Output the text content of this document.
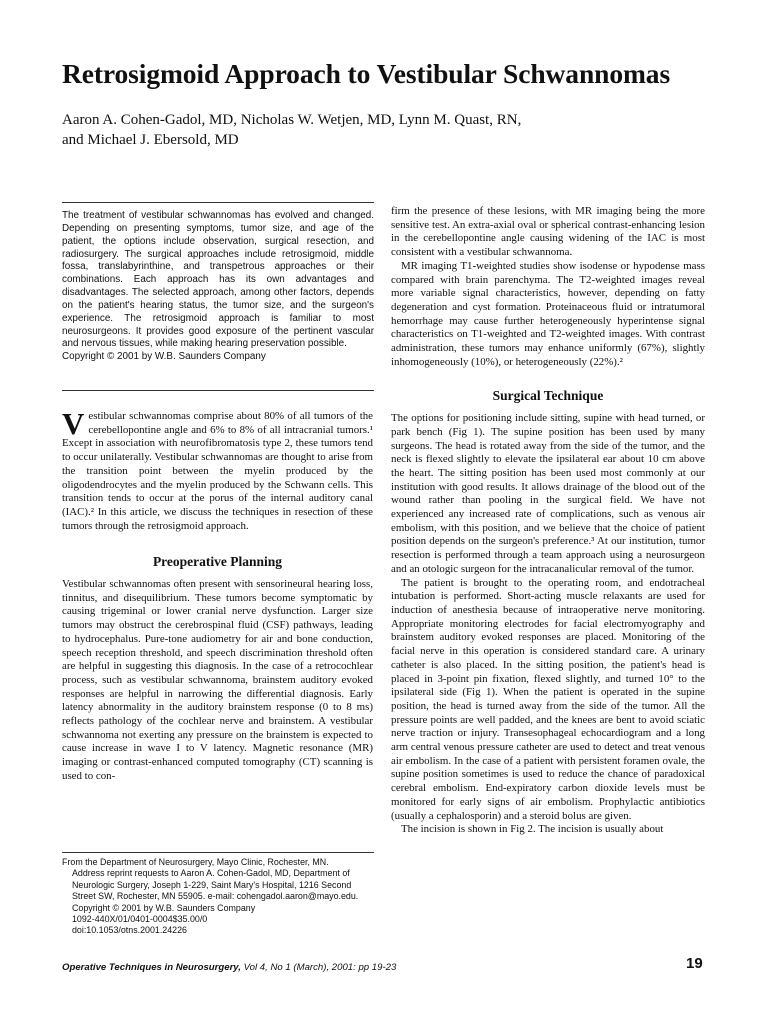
Retrosigmoid Approach to Vestibular Schwannomas
Aaron A. Cohen-Gadol, MD, Nicholas W. Wetjen, MD, Lynn M. Quast, RN,
and Michael J. Ebersold, MD

The treatment of vestibular schwannomas has evolved and changed. Depending on presenting symptoms, tumor size, and age of the patient, the options include observation, surgical resection, and radiosurgery. The surgical approaches include retrosigmoid, middle fossa, translabyrinthine, and transpetrous approaches or their combinations. Each approach has its own advantages and disadvantages. The selected approach, among other factors, depends on the patient's hearing status, the tumor size, and the surgeon's experience. The retrosigmoid approach is familiar to most neurosurgeons. It provides good exposure of the pertinent vascular and nervous tissues, while making hearing preservation possible.

Copyright © 2001 by W.B. Saunders Company

Vestibular schwannomas comprise about 80% of all tumors of the cerebellopontine angle and 6% to 8% of all intracranial tumors.¹ Except in association with neurofibromatosis type 2, these tumors tend to occur unilaterally. Vestibular schwannomas are thought to arise from the transition point between the myelin produced by the oligodendrocytes and the myelin produced by the Schwann cells. This transition tends to occur at the porus of the internal auditory canal (IAC).² In this article, we discuss the techniques in resection of these tumors through the retrosigmoid approach.

Preoperative Planning

Vestibular schwannomas often present with sensorineural hearing loss, tinnitus, and disequilibrium. These tumors become symptomatic by causing trigeminal or lower cranial nerve dysfunction. Larger size tumors may obstruct the cerebrospinal fluid (CSF) pathways, leading to hydrocephalus. Pure-tone audiometry for air and bone conduction, speech reception threshold, and speech discrimination threshold often are helpful in suggesting this diagnosis. In the case of a retrocochlear process, such as vestibular schwannoma, brainstem auditory evoked responses are helpful in narrowing the differential diagnosis. Early latency abnormality in the auditory brainstem response (0 to 8 ms) reflects pathology of the cochlear nerve and brainstem. A vestibular schwannoma not exerting any pressure on the brainstem is expected to cause increase in wave I to V latency. Magnetic resonance (MR) imaging or contrast-enhanced computed tomography (CT) scanning is used to con-

firm the presence of these lesions, with MR imaging being the more sensitive test. An extra-axial oval or spherical contrast-enhancing lesion in the cerebellopontine angle causing widening of the IAC is most consistent with a vestibular schwannoma.

MR imaging T1-weighted studies show isodense or hypodense mass compared with brain parenchyma. The T2-weighted images reveal more variable signal characteristics, however, depending on fatty degeneration and cyst formation. Proteinaceous fluid or intratumoral hemorrhage may cause further heterogeneously hyperintense signal characteristics on T1-weighted and T2-weighted images. With contrast administration, these tumors may enhance uniformly (67%), slightly inhomogeneously (10%), or heterogeneously (22%).²

Surgical Technique

The options for positioning include sitting, supine with head turned, or park bench (Fig 1). The supine position has been used by many surgeons. The head is rotated away from the side of the tumor, and the neck is flexed slightly to elevate the ipsilateral ear about 10 cm above the heart. The sitting position has been used most commonly at our institution with good results. It allows drainage of the blood out of the wound rather than pooling in the surgical field. We have not experienced any increased rate of complications, such as venous air embolism, with this position, and we believe that the choice of patient position depends on the surgeon's preference.³ At our institution, tumor resection is performed through a team approach using a neurosurgeon and an otologic surgeon for the intracanalicular removal of the tumor.

The patient is brought to the operating room, and endotracheal intubation is performed. Short-acting muscle relaxants are used for induction of anesthesia because of intraoperative nerve monitoring. Appropriate monitoring electrodes for facial electromyography and brainstem auditory evoked responses are placed. Monitoring of the facial nerve in this operation is considered standard care. A urinary catheter is also placed. In the sitting position, the patient's head is placed in 3-point pin fixation, flexed slightly, and turned 10° to the ipsilateral side (Fig 1). When the patient is operated in the supine position, the head is turned away from the side of the tumor. All the pressure points are well padded, and the knees are bent to avoid sciatic nerve traction or injury. Transesophageal echocardiogram and a long arm central venous pressure catheter are used to detect and treat venous air embolism. In the case of a patient with persistent foramen ovale, the supine position sometimes is used to reduce the chance of paradoxical cerebral embolism. End-expiratory carbon dioxide levels must be monitored for early signs of air embolism. Prophylactic antibiotics (usually a cephalosporin) and a steroid bolus are given.

The incision is shown in Fig 2. The incision is usually about

From the Department of Neurosurgery, Mayo Clinic, Rochester, MN.
Address reprint requests to Aaron A. Cohen-Gadol, MD, Department of Neurologic Surgery, Joseph 1-229, Saint Mary's Hospital, 1216 Second Street SW, Rochester, MN 55905. e-mail: cohengadol.aaron@mayo.edu.
Copyright © 2001 by W.B. Saunders Company
1092-440X/01/0401-0004$35.00/0
doi:10.1053/otns.2001.24226
Operative Techniques in Neurosurgery, Vol 4, No 1 (March), 2001: pp 19-23	19
